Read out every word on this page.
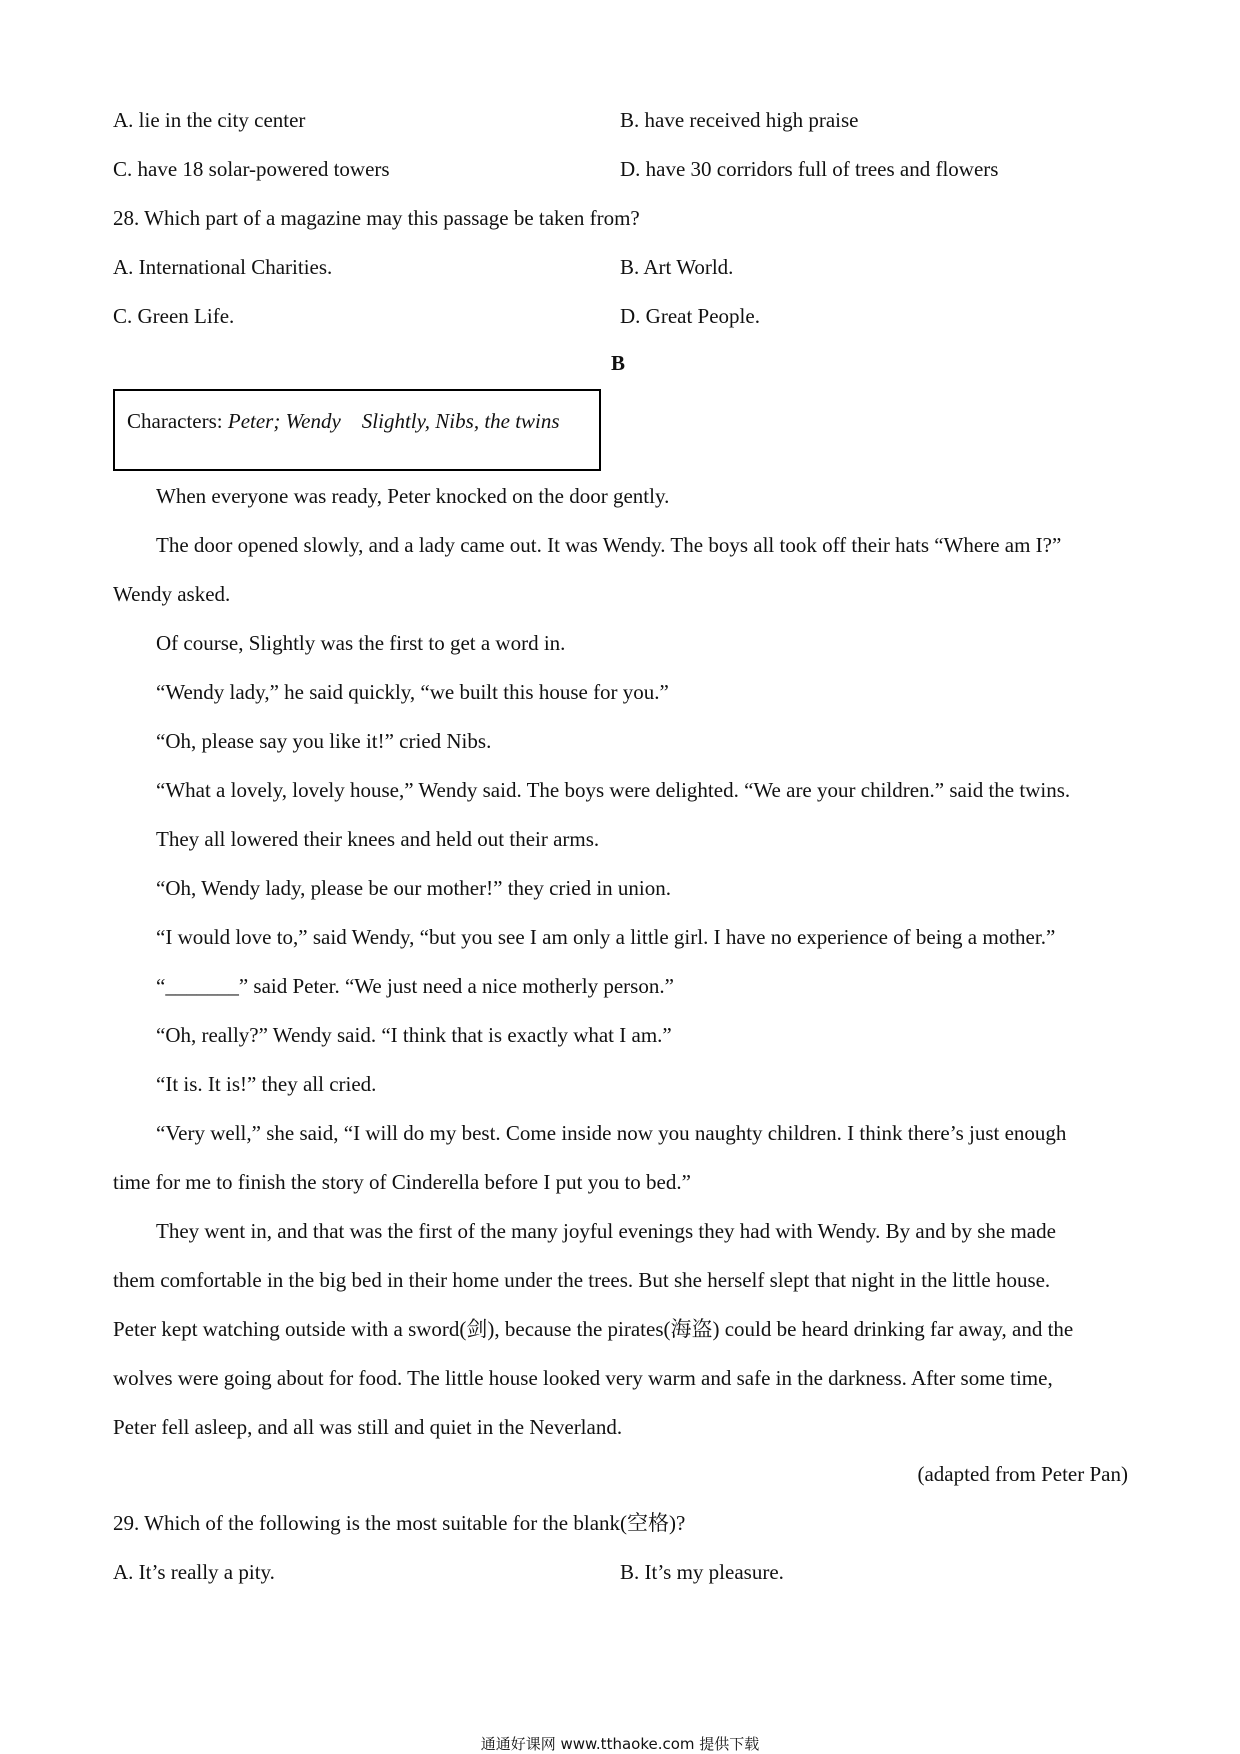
A. lie in the city center	B. have received high praise
C. have 18 solar-powered towers	D. have 30 corridors full of trees and flowers
28. Which part of a magazine may this passage be taken from?
A. International Charities.	B. Art World.
C. Green Life.	D. Great People.
B
Characters: Peter; Wendy Slightly, Nibs, the twins
When everyone was ready, Peter knocked on the door gently.
The door opened slowly, and a lady came out. It was Wendy. The boys all took off their hats “Where am I?”
Wendy asked.
Of course, Slightly was the first to get a word in.
“Wendy lady,” he said quickly, “we built this house for you.”
“Oh, please say you like it!” cried Nibs.
“What a lovely, lovely house,” Wendy said. The boys were delighted. “We are your children.” said the twins.
They all lowered their knees and held out their arms.
“Oh, Wendy lady, please be our mother!” they cried in union.
“I would love to,” said Wendy, “but you see I am only a little girl. I have no experience of being a mother.”
“_______” said Peter. “We just need a nice motherly person.”
“Oh, really?” Wendy said. “I think that is exactly what I am.”
“It is. It is!” they all cried.
“Very well,” she said, “I will do my best. Come inside now you naughty children. I think there’s just enough
time for me to finish the story of Cinderella before I put you to bed.”
They went in, and that was the first of the many joyful evenings they had with Wendy. By and by she made
them comfortable in the big bed in their home under the trees. But she herself slept that night in the little house.
Peter kept watching outside with a sword(剑), because the pirates(海盗) could be heard drinking far away, and the
wolves were going about for food. The little house looked very warm and safe in the darkness. After some time,
Peter fell asleep, and all was still and quiet in the Neverland.
(adapted from Peter Pan)
29. Which of the following is the most suitable for the blank(空格)?
A. It’s really a pity.	B. It’s my pleasure.
通通好课网 www.tthaoke.com 提供下载
